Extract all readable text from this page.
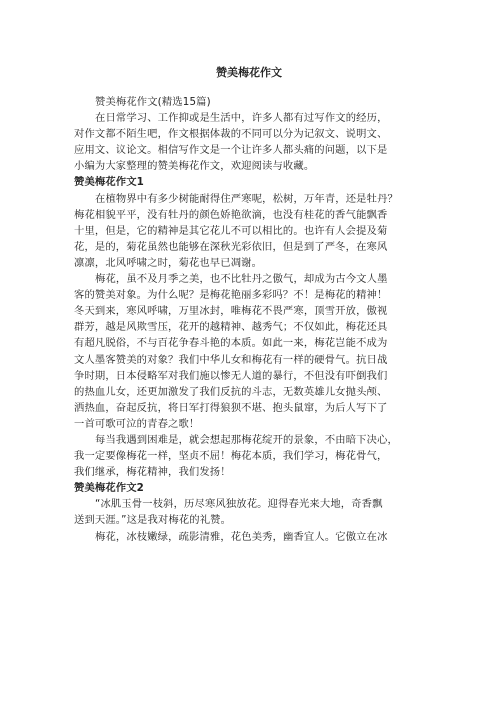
赞美梅花作文
赞美梅花作文(精选15篇)
在日常学习、工作抑或是生活中，许多人都有过写作文的经历，
对作文都不陌生吧，作文根据体裁的不同可以分为记叙文、说明文、
应用文、议论文。相信写作文是一个让许多人都头痛的问题，以下是
小编为大家整理的赞美梅花作文，欢迎阅读与收藏。
赞美梅花作文1
在植物界中有多少树能耐得住严寒呢，松树，万年青，还是牡丹？
梅花相貌平平，没有牡丹的颜色娇艳欲滴，也没有桂花的香气能飘香
十里，但是，它的精神是其它花儿不可以相比的。也许有人会提及菊
花，是的，菊花虽然也能够在深秋光彩依旧，但是到了严冬，在寒风
凛凛，北风呼啸之时，菊花也早已凋谢。
梅花，虽不及月季之美，也不比牡丹之傲气，却成为古今文人墨
客的赞美对象。为什么呢？是梅花艳丽多彩吗？不！是梅花的精神！
冬天到来，寒风呼啸，万里冰封，唯梅花不畏严寒，顶雪开放，傲视
群芳，越是风欺雪压，花开的越精神、越秀气；不仅如此，梅花还具
有超凡脱俗，不与百花争春斗艳的本质。如此一来，梅花岂能不成为
文人墨客赞美的对象？我们中华儿女和梅花有一样的硬骨气。抗日战
争时期，日本侵略军对我们施以惨无人道的暴行，不但没有吓倒我们
的热血儿女，还更加激发了我们反抗的斗志，无数英雄儿女抛头颅、
洒热血，奋起反抗，将日军打得狼狈不堪、抱头鼠窜，为后人写下了
一首可歌可泣的青春之歌！
每当我遇到困难是，就会想起那梅花绽开的景象，不由暗下决心，
我一定要像梅花一样，坚贞不屈！梅花本质，我们学习，梅花骨气，
我们继承，梅花精神，我们发扬！
赞美梅花作文2
“冰肌玉骨一枝斜，历尽寒风独放花。迎得春光来大地，奇香飘
送到天涯。”这是我对梅花的礼赞。
梅花，冰枝嫩绿，疏影清雅，花色美秀，幽香宜人。它傲立在冰
